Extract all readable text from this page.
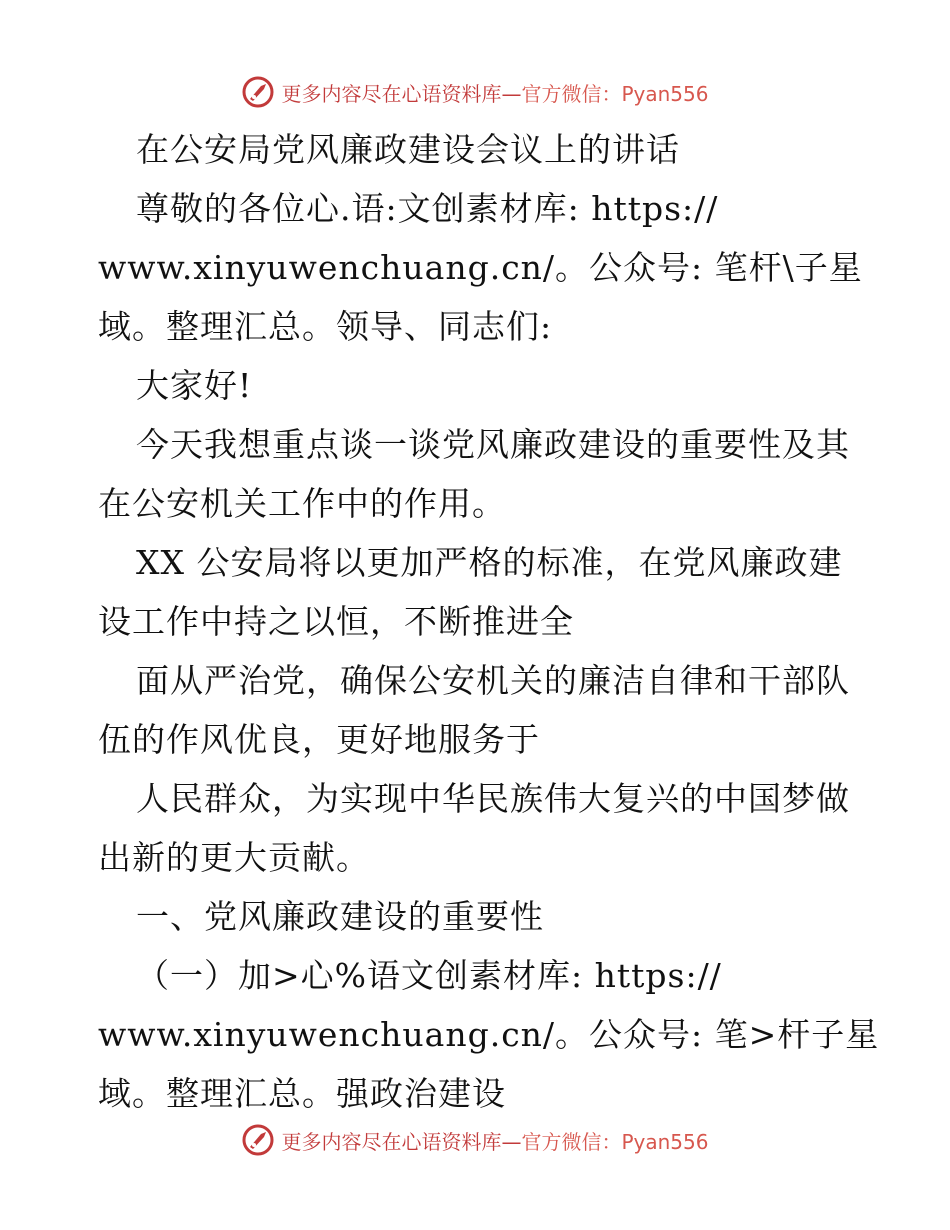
更多内容尽在心语资料库—官方微信：Pyan556

在公安局党风廉政建设会议上的讲话

尊敬的各位心.语:文创素材库: https://

www.xinyuwenchuang.cn/。公众号: 笔杆\子星

域。整理汇总。领导、同志们:

大家好!

今天我想重点谈一谈党风廉政建设的重要性及其

在公安机关工作中的作用。

XX 公安局将以更加严格的标准，在党风廉政建

设工作中持之以恒，不断推进全

面从严治党，确保公安机关的廉洁自律和干部队

伍的作风优良，更好地服务于

人民群众，为实现中华民族伟大复兴的中国梦做

出新的更大贡献。

一、党风廉政建设的重要性

（一）加>心%语文创素材库: https://

www.xinyuwenchuang.cn/。公众号: 笔>杆子星

域。整理汇总。强政治建设

更多内容尽在心语资料库—官方微信：Pyan556
